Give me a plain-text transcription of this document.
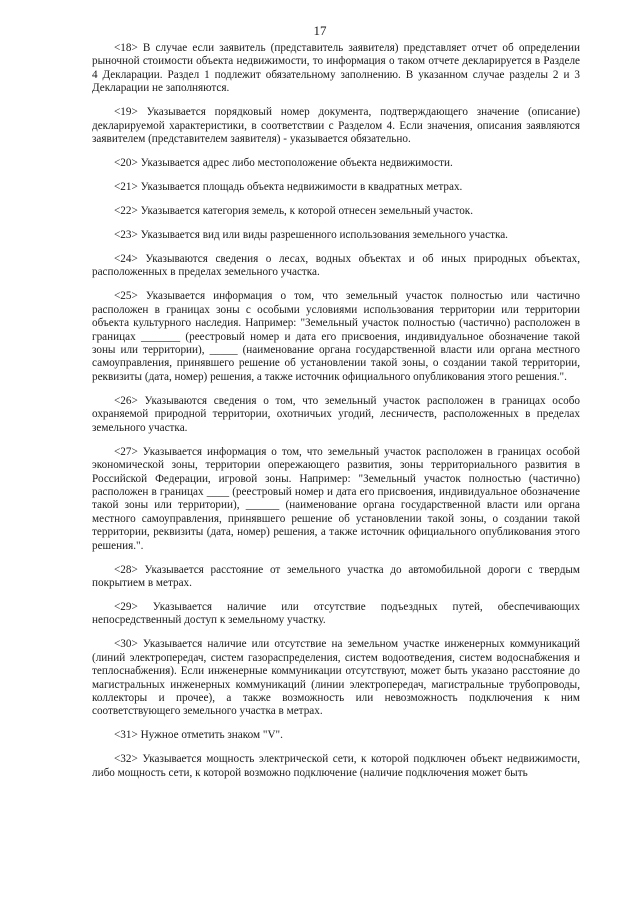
17

<18> В случае если заявитель (представитель заявителя) представляет отчет об определении рыночной стоимости объекта недвижимости, то информация о таком отчете декларируется в Разделе 4 Декларации. Раздел 1 подлежит обязательному заполнению. В указанном случае разделы 2 и 3 Декларации не заполняются.

<19> Указывается порядковый номер документа, подтверждающего значение (описание) декларируемой характеристики, в соответствии с Разделом 4. Если значения, описания заявляются заявителем (представителем заявителя) - указывается обязательно.

<20> Указывается адрес либо местоположение объекта недвижимости.

<21> Указывается площадь объекта недвижимости в квадратных метрах.

<22> Указывается категория земель, к которой отнесен земельный участок.

<23> Указывается вид или виды разрешенного использования земельного участка.

<24> Указываются сведения о лесах, водных объектах и об иных природных объектах, расположенных в пределах земельного участка.

<25> Указывается информация о том, что земельный участок полностью или частично расположен в границах зоны с особыми условиями использования территории или территории объекта культурного наследия. Например: "Земельный участок полностью (частично) расположен в границах _______ (реестровый номер и дата его присвоения, индивидуальное обозначение такой зоны или территории), _____ (наименование органа государственной власти или органа местного самоуправления, принявшего решение об установлении такой зоны, о создании такой территории, реквизиты (дата, номер) решения, а также источник официального опубликования этого решения.".

<26> Указываются сведения о том, что земельный участок расположен в границах особо охраняемой природной территории, охотничьих угодий, лесничеств, расположенных в пределах земельного участка.

<27> Указывается информация о том, что земельный участок расположен в границах особой экономической зоны, территории опережающего развития, зоны территориального развития в Российской Федерации, игровой зоны. Например: "Земельный участок полностью (частично) расположен в границах ____ (реестровый номер и дата его присвоения, индивидуальное обозначение такой зоны или территории), ______ (наименование органа государственной власти или органа местного самоуправления, принявшего решение об установлении такой зоны, о создании такой территории, реквизиты (дата, номер) решения, а также источник официального опубликования этого решения.".

<28> Указывается расстояние от земельного участка до автомобильной дороги с твердым покрытием в метрах.

<29> Указывается наличие или отсутствие подъездных путей, обеспечивающих непосредственный доступ к земельному участку.

<30> Указывается наличие или отсутствие на земельном участке инженерных коммуникаций (линий электропередач, систем газораспределения, систем водоотведения, систем водоснабжения и теплоснабжения). Если инженерные коммуникации отсутствуют, может быть указано расстояние до магистральных инженерных коммуникаций (линии электропередач, магистральные трубопроводы, коллекторы и прочее), а также возможность или невозможность подключения к ним соответствующего земельного участка в метрах.

<31> Нужное отметить знаком "V".

<32> Указывается мощность электрической сети, к которой подключен объект недвижимости, либо мощность сети, к которой возможно подключение (наличие подключения может быть
